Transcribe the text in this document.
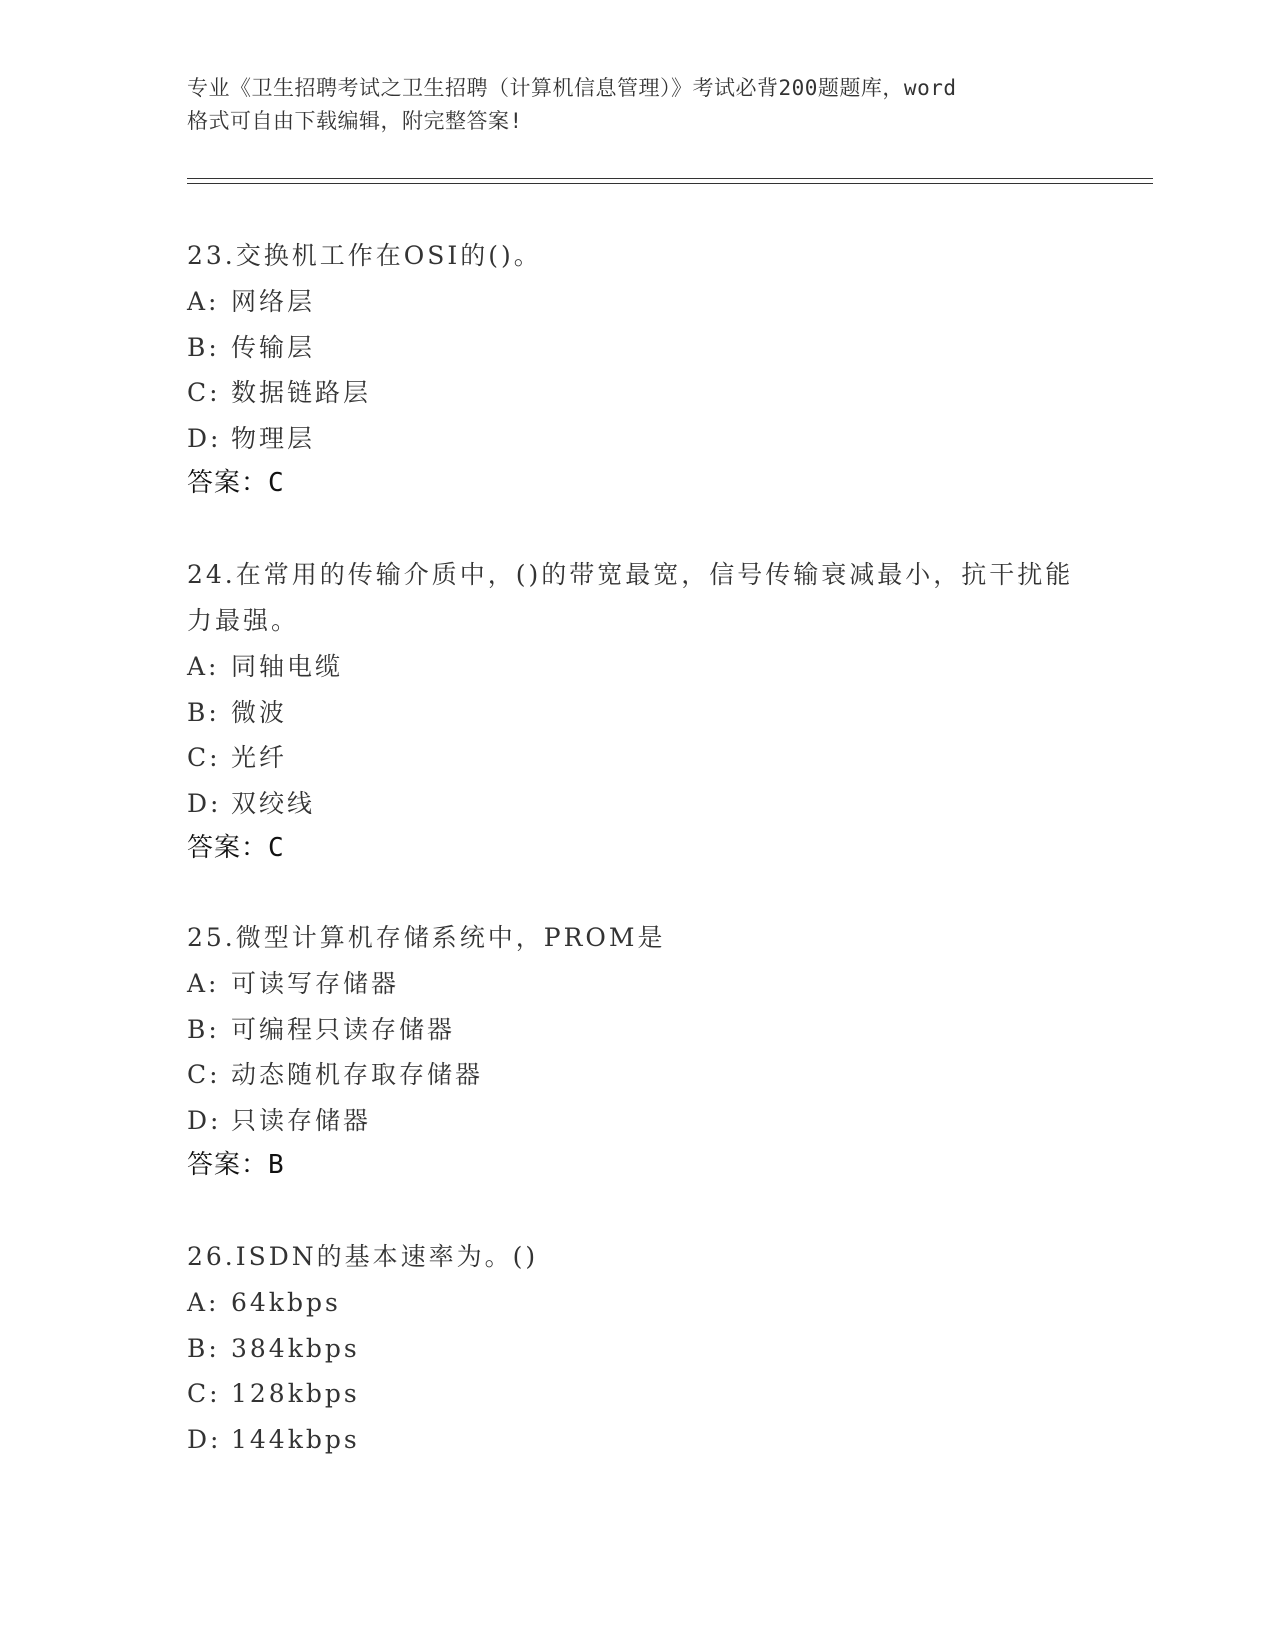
专业《卫生招聘考试之卫生招聘（计算机信息管理）》考试必背200题题库，word
格式可自由下载编辑，附完整答案!

23.交换机工作在OSI的()。

A: 网络层

B: 传输层

C: 数据链路层

D: 物理层

答案：C

24.在常用的传输介质中，()的带宽最宽，信号传输衰减最小，抗干扰能力最强。

A: 同轴电缆

B: 微波

C: 光纤

D: 双绞线

答案：C

25.微型计算机存储系统中，PROM是

A: 可读写存储器

B: 可编程只读存储器

C: 动态随机存取存储器

D: 只读存储器

答案：B

26.ISDN的基本速率为。()

A: 64kbps

B: 384kbps

C: 128kbps

D: 144kbps
